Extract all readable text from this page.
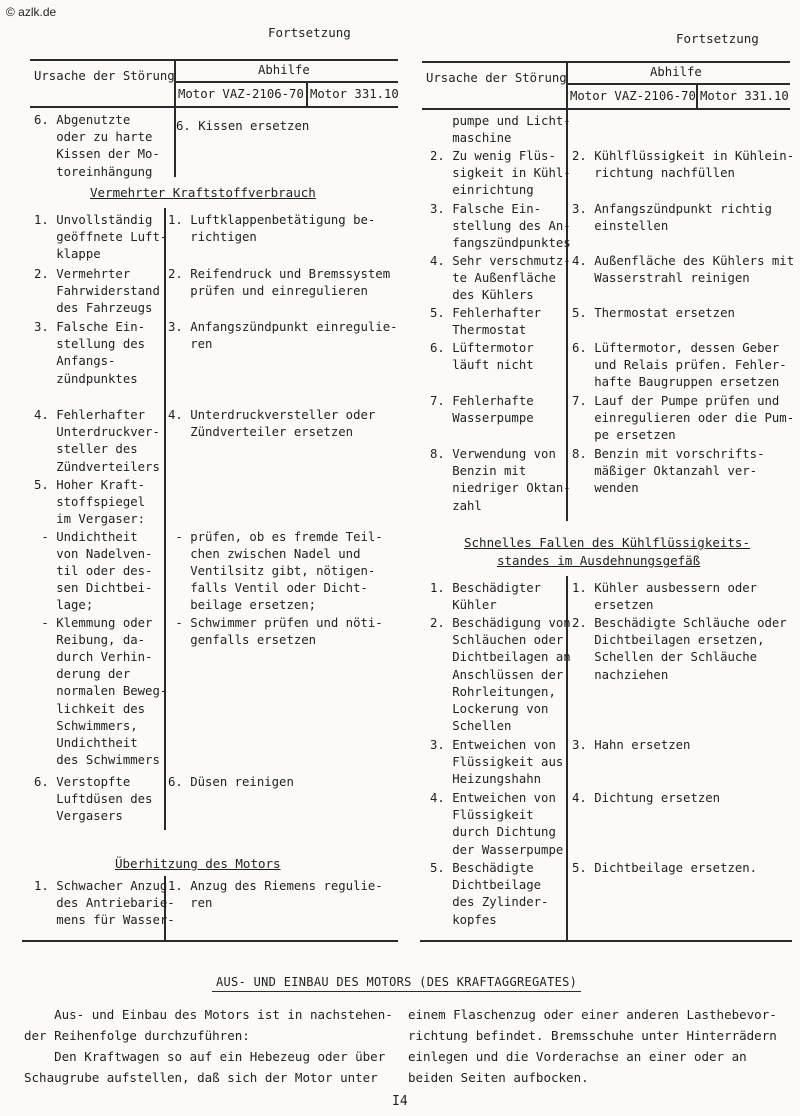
© azlk.de
Fortsetzung
Ursache der Störung	Abhilfe
Motor VAZ-2106-70 Motor 331.10
6. Abgenutzte
oder zu harte
Kissen der Mo-
toreinhängung
6. Kissen ersetzen
Vermehrter Kraftstoffverbrauch
1. Unvollständig
geöffnete Luft-
klappe
1. Luftklappenbetätigung be-
richtigen
2. Vermehrter
Fahrwiderstand
des Fahrzeugs
2. Reifendruck und Bremssystem
prüfen und einregulieren
3. Falsche Ein-
stellung des
Anfangs-
zündpunktes
3. Anfangszündpunkt einregulie-
ren
4. Fehlerhafter
Unterdruckver-
steller des
Zündverteilers
4. Unterdruckversteller oder
Zündverteiler ersetzen
5. Hoher Kraft-
stoffspiegel
im Vergaser:
- Undichtheit
von Nadelven-
til oder des-
sen Dichtbei-
lage;
- Klemmung oder
Reibung, da-
durch Verhin-
derung der
normalen Beweg-
lichkeit des
Schwimmers,
Undichtheit
des Schwimmers

- prüfen, ob es fremde Teil-
chen zwischen Nadel und
Ventilsitz gibt, nötigen-
falls Ventil oder Dicht-
beilage ersetzen;
- Schwimmer prüfen und nöti-
genfalls ersetzen
6. Verstopfte
Luftdüsen des
Vergasers
6. Düsen reinigen
Überhitzung des Motors
1. Schwacher Anzug
des Antriebarie-
mens für Wasser-
1. Anzug des Riemens regulie-
ren
Fortsetzung
Ursache der Störung	Abhilfe
Motor VAZ-2106-70 Motor 331.10
pumpe und Licht-
maschine
2. Zu wenig Flüs-
sigkeit in Kühl-
einrichtung
2. Kühlflüssigkeit in Kühlein-
richtung nachfüllen
3. Falsche Ein-
stellung des An-
fangszündpunktes
3. Anfangszündpunkt richtig
einstellen
4. Sehr verschmutz-
te Außenfläche
des Kühlers
4. Außenfläche des Kühlers mit
Wasserstrahl reinigen
5. Fehlerhafter
Thermostat
5. Thermostat ersetzen
6. Lüftermotor
läuft nicht
6. Lüftermotor, dessen Geber
und Relais prüfen. Fehler-
hafte Baugruppen ersetzen
7. Fehlerhafte
Wasserpumpe
7. Lauf der Pumpe prüfen und
einregulieren oder die Pum-
pe ersetzen
8. Verwendung von
Benzin mit
niedriger Oktan-
zahl
8. Benzin mit vorschrifts-
mäßiger Oktanzahl ver-
wenden
Schnelles Fallen des Kühlflüssigkeits-
standes im Ausdehnungsgefäß
1. Beschädigter
Kühler
1. Kühler ausbessern oder
ersetzen
2. Beschädigung von
Schläuchen oder
Dichtbeilagen an
Anschlüssen der
Rohrleitungen,
Lockerung von
Schellen
2. Beschädigte Schläuche oder
Dichtbeilagen ersetzen,
Schellen der Schläuche
nachziehen
3. Entweichen von
Flüssigkeit aus
Heizungshahn
3. Hahn ersetzen
4. Entweichen von
Flüssigkeit
durch Dichtung
der Wasserpumpe
4. Dichtung ersetzen
5. Beschädigte
Dichtbeilage
des Zylinder-
kopfes
5. Dichtbeilage ersetzen.
AUS- UND EINBAU DES MOTORS (DES KRAFTAGGREGATES)
Aus- und Einbau des Motors ist in nachstehen-
der Reihenfolge durchzuführen:
Den Kraftwagen so auf ein Hebezeug oder über
Schaugrube aufstellen, daß sich der Motor unter
einem Flaschenzug oder einer anderen Lasthebevor-
richtung befindet. Bremsschuhe unter Hinterrädern
einlegen und die Vorderachse an einer oder an
beiden Seiten aufbocken.
I4
